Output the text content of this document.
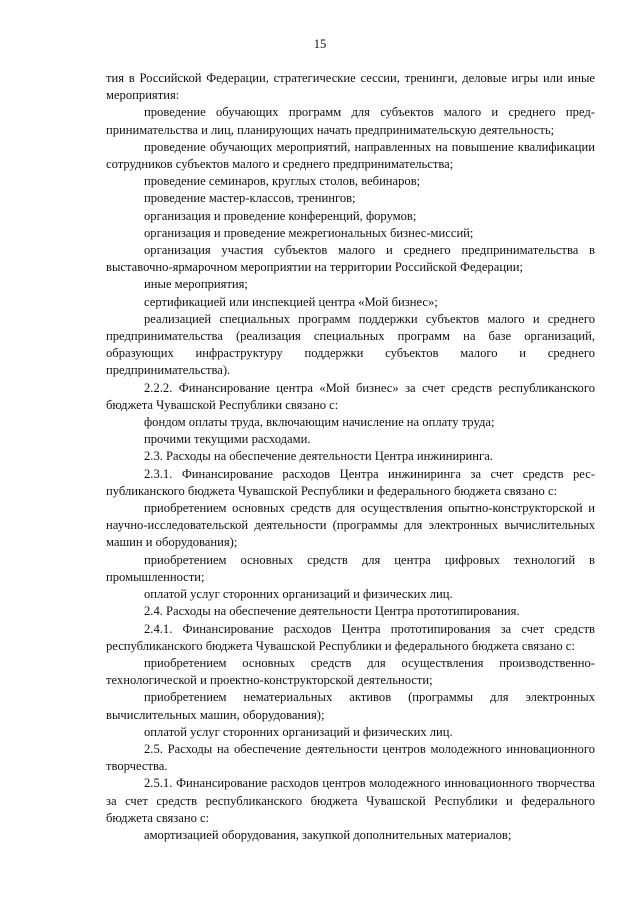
15

тия в Российской Федерации, стратегические сессии, тренинги, деловые игры или иные мероприятия:

проведение обучающих программ для субъектов малого и среднего предпринимательства и лиц, планирующих начать предпринимательскую деятельность;

проведение обучающих мероприятий, направленных на повышение квалификации сотрудников субъектов малого и среднего предпринимательства;

проведение семинаров, круглых столов, вебинаров;

проведение мастер-классов, тренингов;

организация и проведение конференций, форумов;

организация и проведение межрегиональных бизнес-миссий;

организация участия субъектов малого и среднего предпринимательства в выставочно-ярмарочном мероприятии на территории Российской Федерации;

иные мероприятия;

сертификацией или инспекцией центра «Мой бизнес»;

реализацией специальных программ поддержки субъектов малого и среднего предпринимательства (реализация специальных программ на базе организаций, образующих инфраструктуру поддержки субъектов малого и среднего предпринимательства).

2.2.2. Финансирование центра «Мой бизнес» за счет средств республиканского бюджета Чувашской Республики связано с:

фондом оплаты труда, включающим начисление на оплату труда;

прочими текущими расходами.

2.3. Расходы на обеспечение деятельности Центра инжиниринга.

2.3.1. Финансирование расходов Центра инжиниринга за счет средств республиканского бюджета Чувашской Республики и федерального бюджета связано с:

приобретением основных средств для осуществления опытно-конструкторской и научно-исследовательской деятельности (программы для электронных вычислительных машин и оборудования);

приобретением основных средств для центра цифровых технологий в промышленности;

оплатой услуг сторонних организаций и физических лиц.

2.4. Расходы на обеспечение деятельности Центра прототипирования.

2.4.1. Финансирование расходов Центра прототипирования за счет средств республиканского бюджета Чувашской Республики и федерального бюджета связано с:

приобретением основных средств для осуществления производственно-технологической и проектно-конструкторской деятельности;

приобретением нематериальных активов (программы для электронных вычислительных машин, оборудования);

оплатой услуг сторонних организаций и физических лиц.

2.5. Расходы на обеспечение деятельности центров молодежного инновационного творчества.

2.5.1. Финансирование расходов центров молодежного инновационного творчества за счет средств республиканского бюджета Чувашской Республики и федерального бюджета связано с:

амортизацией оборудования, закупкой дополнительных материалов;
